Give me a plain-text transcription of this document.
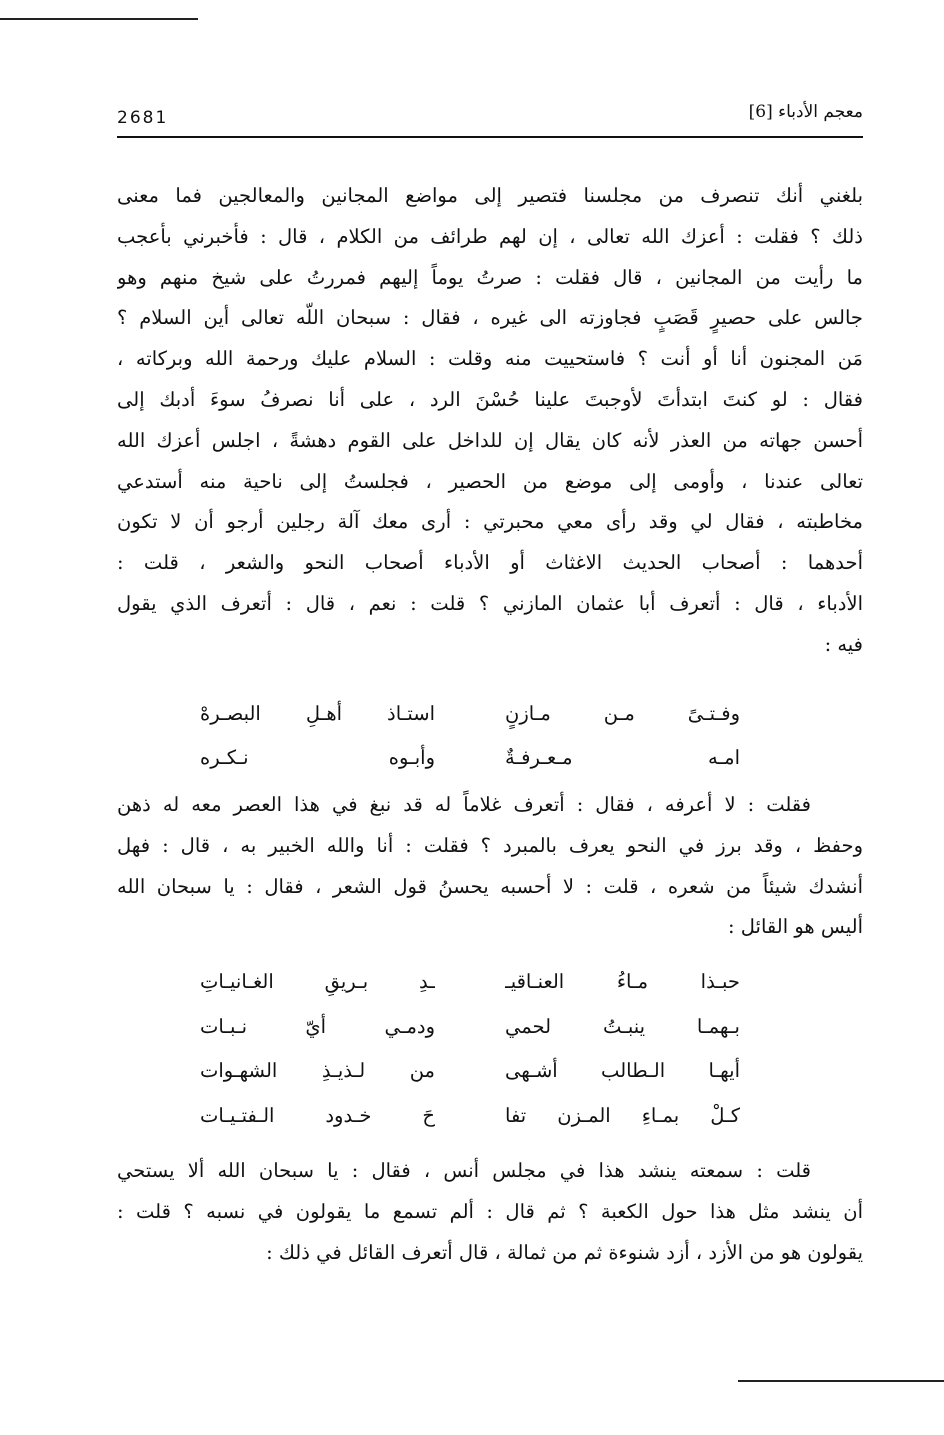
2681	معجم الأدباء [6]
بلغني أنك تنصرف من مجلسنا فتصير إلى مواضع المجانين والمعالجين فما معنى
ذلك ؟ فقلت : أعزك الله تعالى ، إن لهم طرائف من الكلام ، قال : فأخبرني بأعجب
ما رأيت من المجانين ، قال فقلت : صرتُ يوماً إليهم فمررتُ على شيخ منهم وهو
جالس على حصيرٍ قَصَبٍ فجاوزته الى غيره ، فقال : سبحان اللّه تعالى أين السلام ؟
مَن المجنون أنا أو أنت ؟ فاستحييت منه وقلت : السلام عليك ورحمة الله وبركاته ،
فقال : لو كنتَ ابتدأتَ لأوجبتَ علينا حُسْنَ الرد ، على أنا نصرفُ سوءَ أدبك إلى
أحسن جهاته من العذر لأنه كان يقال إن للداخل على القوم دهشةً ، اجلس أعزك الله
تعالى عندنا ، وأومى إلى موضع من الحصير ، فجلستُ إلى ناحية منه أستدعي
مخاطبته ، فقال لي وقد رأى معي محبرتي : أرى معك آلة رجلين أرجو أن لا تكون
أحدهما : أصحاب الحديث الاغثاث أو الأدباء أصحاب النحو والشعر ، قلت :
الأدباء ، قال : أتعرف أبا عثمان المازني ؟ قلت : نعم ، قال : أتعرف الذي يقول
فيه :
وفـتـىً مـن مـازنٍ
استـاذ أهـلِ البصـرهْ
امـه مـعـرفـةٌ
وأبـوه نـكـره
فقلت : لا أعرفه ، فقال : أتعرف غلاماً له قد نبغ في هذا العصر معه له ذهن
وحفظ ، وقد برز في النحو يعرف بالمبرد ؟ فقلت : أنا والله الخبير به ، قال : فهل
أنشدك شيئاً من شعره ، قلت : لا أحسبه يحسنُ قول الشعر ، فقال : يا سبحان الله
أليس هو القائل :
حبـذا مـاءُ العنـاقيـ
ـدِ بـريقِ الغـانيـاتِ
بـهمـا ينبـتُ لحمي
ودمـي أيّ نـبـات
أيهـا الـطالب أشـهى
من لـذيـذِ الشهـوات
كـلْ بمـاءِ المـزن تفا
حَ خـدود الـفتـيـات
قلت : سمعته ينشد هذا في مجلس أنس ، فقال : يا سبحان الله ألا يستحي
أن ينشد مثل هذا حول الكعبة ؟ ثم قال : ألم تسمع ما يقولون في نسبه ؟ قلت :
يقولون هو من الأزد ، أزد شنوءة ثم من ثمالة ، قال أتعرف القائل في ذلك :
